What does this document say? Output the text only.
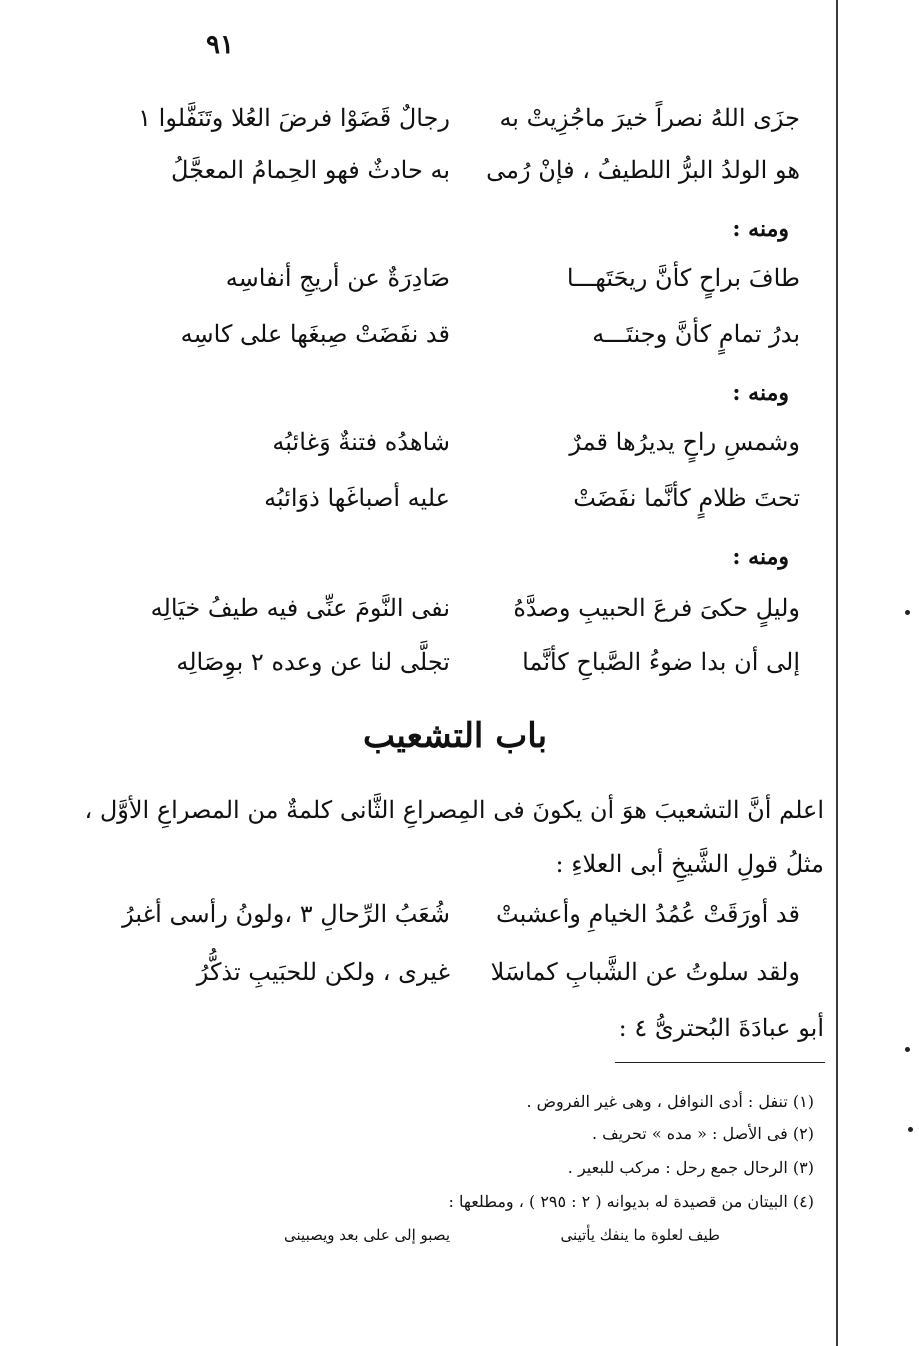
٩١
جزَى اللهُ نصراً خيرَ ماجُزِيتْ به
رجالٌ قَضَوْا فرضَ العُلا وتَنَفَّلوا ١
هو الولدُ البرُّ اللطيفُ ، فإنْ رُمى
به حادثٌ فهو الحِمامُ المعجَّلُ
ومنه :
طافَ براحٍ كأنَّ ريحَتَهـــا
صَادِرَةٌ عن أريجِ أنفاسِه
بدرُ تمامٍ كأنَّ وجنتَـــه
قد نفَضَتْ صِبغَها على كاسِه
ومنه :
وشمسِ راحٍ يديرُها قمرٌ
شاهدُه فتنةٌ وَغائبُه
تحتَ ظلامٍ كأنَّما نفَضَتْ
عليه أصباغَها ذوَائبُه
ومنه :
وليلٍ حكىَ فرعَ الحبيبِ وصدَّهُ
نفى النَّومَ عنِّى فيه طيفُ خيَالِه
إلى أن بدا ضوءُ الصَّباحِ كأنَّما
تجلَّى لنا عن وعده ٢ بوِصَالِه
باب التشعيب
اعلم أنَّ التشعيبَ هوَ أن يكونَ فى المِصراعِ الثَّانى كلمةٌ من المصراعِ الأوَّل ،
مثلُ قولِ الشَّيخِ أبى العلاءِ :
قد أورَقَتْ عُمُدُ الخيامِ وأعشبتْ
شُعَبُ الرِّحالِ ٣ ،ولونُ رأسى أغبرُ
ولقد سلوتُ عن الشَّبابِ كماسَلا
غيرى ، ولكن للحبَيبِ تذكُّرُ
أبو عبادَةَ البُحترىُّ ٤ :
(١) تنفل : أدى النوافل ، وهى غير الفروض .
(٢) فى الأصل : « مده » تحريف .
(٣) الرحال جمع رحل : مركب للبعير .
(٤) البيتان من قصيدة له بديوانه ( ٢ : ٢٩٥ ) ، ومطلعها :
طيف لعلوة ما ينفك يأتينى
يصبو إلى على بعد ويصبينى
